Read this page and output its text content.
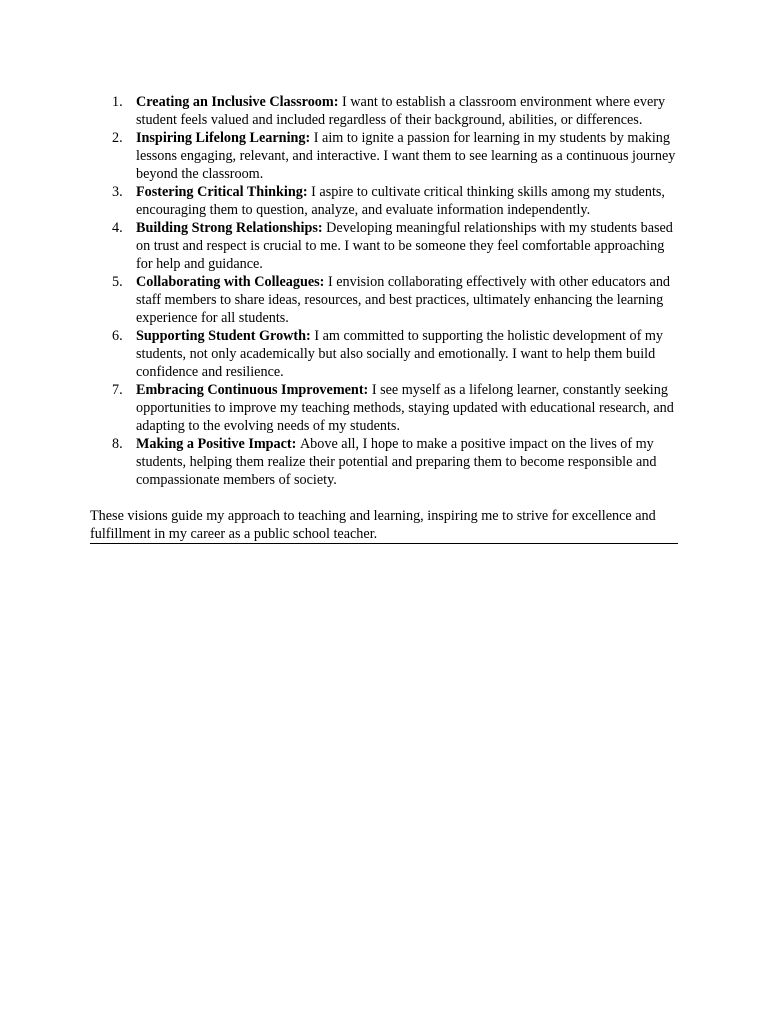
1. Creating an Inclusive Classroom: I want to establish a classroom environment where every student feels valued and included regardless of their background, abilities, or differences.
2. Inspiring Lifelong Learning: I aim to ignite a passion for learning in my students by making lessons engaging, relevant, and interactive. I want them to see learning as a continuous journey beyond the classroom.
3. Fostering Critical Thinking: I aspire to cultivate critical thinking skills among my students, encouraging them to question, analyze, and evaluate information independently.
4. Building Strong Relationships: Developing meaningful relationships with my students based on trust and respect is crucial to me. I want to be someone they feel comfortable approaching for help and guidance.
5. Collaborating with Colleagues: I envision collaborating effectively with other educators and staff members to share ideas, resources, and best practices, ultimately enhancing the learning experience for all students.
6. Supporting Student Growth: I am committed to supporting the holistic development of my students, not only academically but also socially and emotionally. I want to help them build confidence and resilience.
7. Embracing Continuous Improvement: I see myself as a lifelong learner, constantly seeking opportunities to improve my teaching methods, staying updated with educational research, and adapting to the evolving needs of my students.
8. Making a Positive Impact: Above all, I hope to make a positive impact on the lives of my students, helping them realize their potential and preparing them to become responsible and compassionate members of society.

These visions guide my approach to teaching and learning, inspiring me to strive for excellence and fulfillment in my career as a public school teacher.
